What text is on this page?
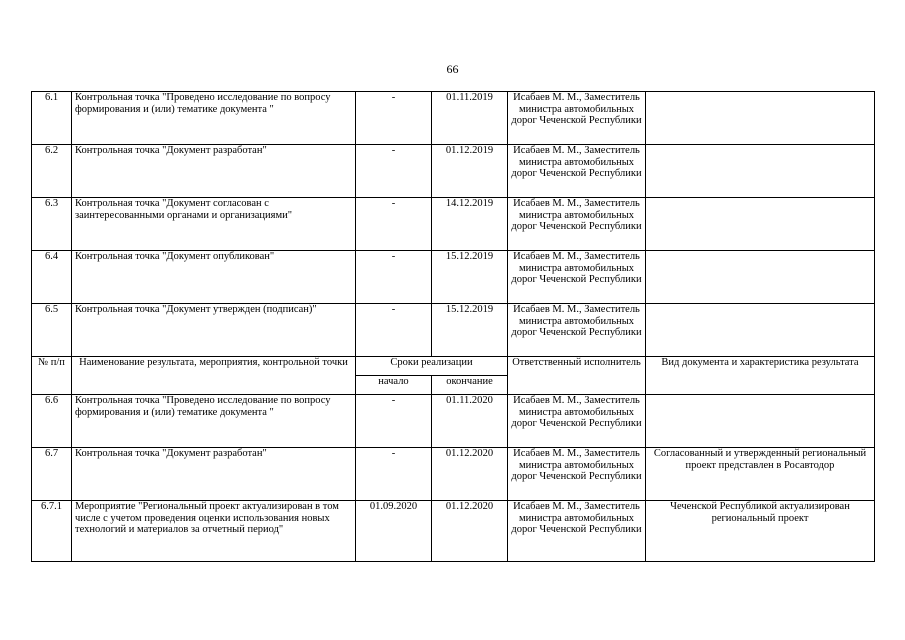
66
6.1	Контрольная точка "Проведено исследование по вопросу формирования и (или) тематике документа "	-	01.11.2019	Исабаев М. М., Заместитель министра автомобильных дорог Чеченской Республики	
6.2	Контрольная точка "Документ разработан"	-	01.12.2019	Исабаев М. М., Заместитель министра автомобильных дорог Чеченской Республики	
6.3	Контрольная точка "Документ согласован с заинтересованными органами и организациями"	-	14.12.2019	Исабаев М. М., Заместитель министра автомобильных дорог Чеченской Республики	
6.4	Контрольная точка "Документ опубликован"	-	15.12.2019	Исабаев М. М., Заместитель министра автомобильных дорог Чеченской Республики	
6.5	Контрольная точка "Документ утвержден (подписан)"	-	15.12.2019	Исабаев М. М., Заместитель министра автомобильных дорог Чеченской Республики	
№ п/п	Наименование результата, мероприятия, контрольной точки	Сроки реализации		Ответственный исполнитель	Вид документа и характеристика результата
		начало	окончание		
6.6	Контрольная точка "Проведено исследование по вопросу формирования и (или) тематике документа "	-	01.11.2020	Исабаев М. М., Заместитель министра автомобильных дорог Чеченской Республики	
6.7	Контрольная точка "Документ разработан"	-	01.12.2020	Исабаев М. М., Заместитель министра автомобильных дорог Чеченской Республики	Согласованный и утвержденный региональный проект представлен в Росавтодор
6.7.1	Мероприятие "Региональный проект актуализирован в том числе с учетом проведения оценки использования новых технологий и материалов за отчетный период"	01.09.2020	01.12.2020	Исабаев М. М., Заместитель министра автомобильных дорог Чеченской Республики	Чеченской Республикой актуализирован региональный проект
